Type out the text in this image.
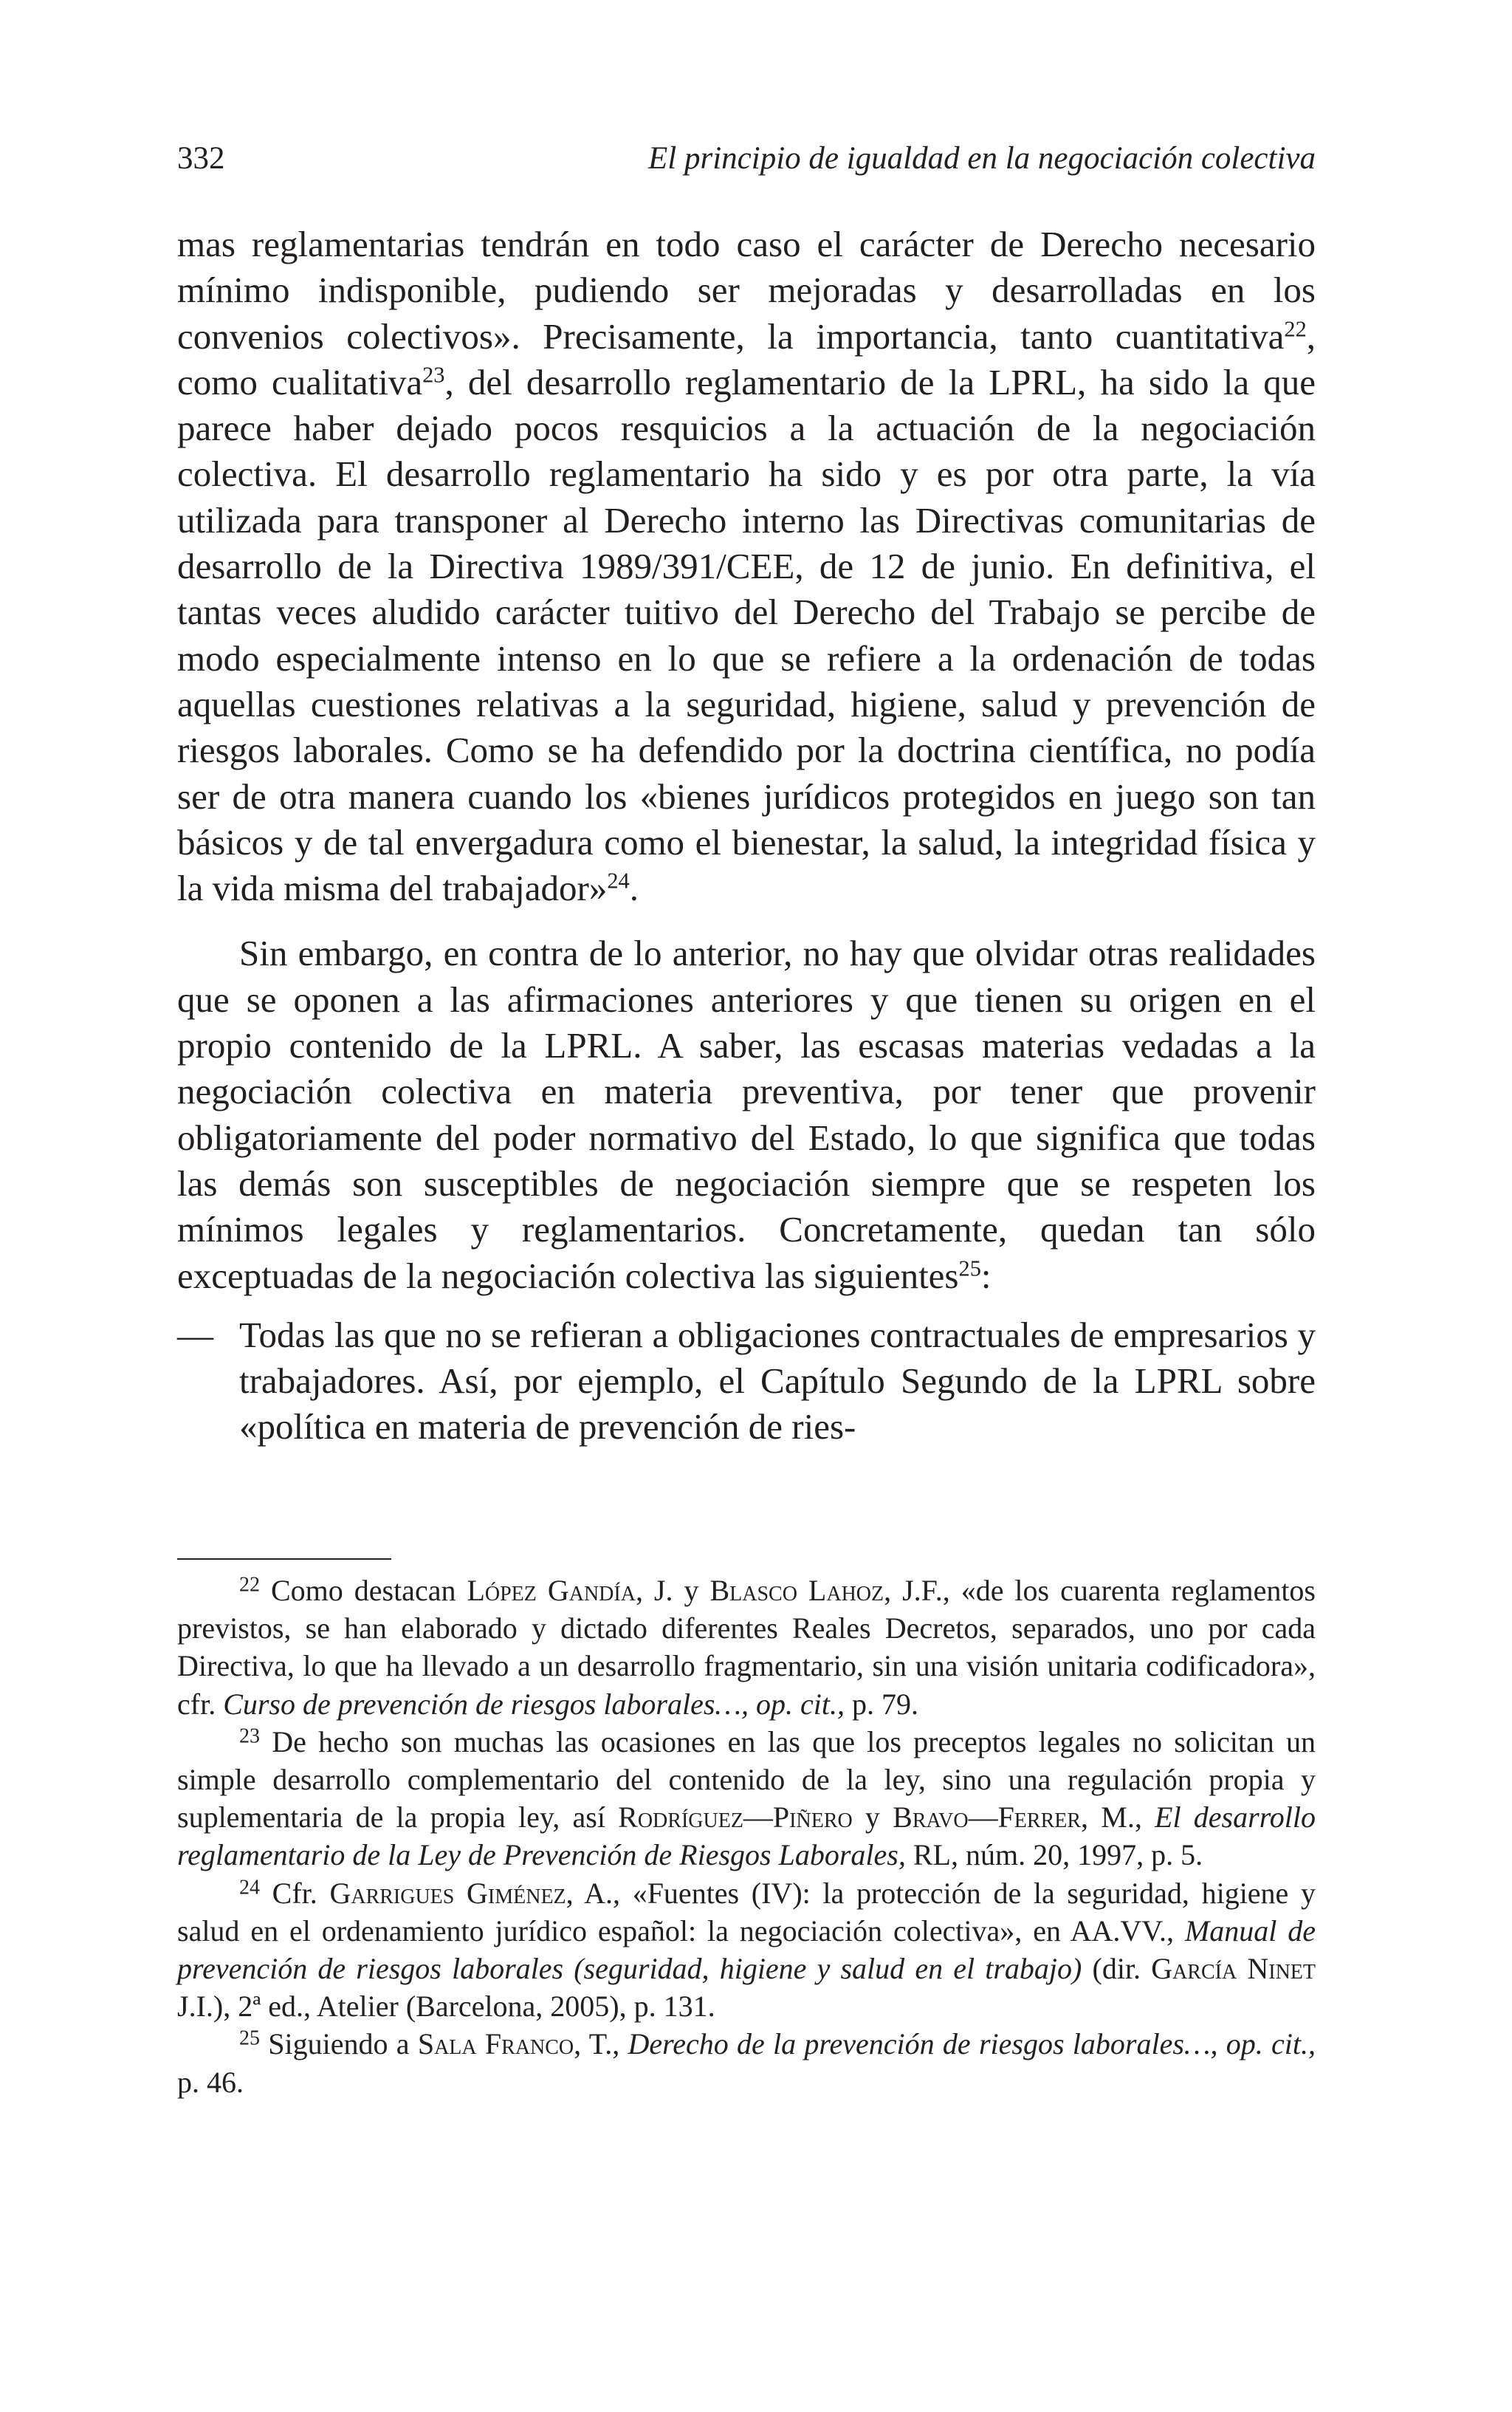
332	El principio de igualdad en la negociación colectiva

mas reglamentarias tendrán en todo caso el carácter de Derecho necesario mínimo indisponible, pudiendo ser mejoradas y desarrolladas en los convenios colectivos». Precisamente, la importancia, tanto cuantitativa$^{22}$, como cualitativa$^{23}$, del desarrollo reglamentario de la LPRL, ha sido la que parece haber dejado pocos resquicios a la actuación de la negociación colectiva. El desarrollo reglamentario ha sido y es por otra parte, la vía utilizada para transponer al Derecho interno las Directivas comunitarias de desarrollo de la Directiva 1989/391/CEE, de 12 de junio. En definitiva, el tantas veces aludido carácter tuitivo del Derecho del Trabajo se percibe de modo especialmente intenso en lo que se refiere a la ordenación de todas aquellas cuestiones relativas a la seguridad, higiene, salud y prevención de riesgos laborales. Como se ha defendido por la doctrina científica, no podía ser de otra manera cuando los «bienes jurídicos protegidos en juego son tan básicos y de tal envergadura como el bienestar, la salud, la integridad física y la vida misma del trabajador»$^{24}$.

Sin embargo, en contra de lo anterior, no hay que olvidar otras realidades que se oponen a las afirmaciones anteriores y que tienen su origen en el propio contenido de la LPRL. A saber, las escasas materias vedadas a la negociación colectiva en materia preventiva, por tener que provenir obligatoriamente del poder normativo del Estado, lo que significa que todas las demás son susceptibles de negociación siempre que se respeten los mínimos legales y reglamentarios. Concretamente, quedan tan sólo exceptuadas de la negociación colectiva las siguientes$^{25}$:

— Todas las que no se refieran a obligaciones contractuales de empresarios y trabajadores. Así, por ejemplo, el Capítulo Segundo de la LPRL sobre «política en materia de prevención de ries-

$^{22}$ Como destacan López Gandía, J. y Blasco Lahoz, J.F., «de los cuarenta reglamentos previstos, se han elaborado y dictado diferentes Reales Decretos, separados, uno por cada Directiva, lo que ha llevado a un desarrollo fragmentario, sin una visión unitaria codificadora», cfr. Curso de prevención de riesgos laborales…, op. cit., p. 79.

$^{23}$ De hecho son muchas las ocasiones en las que los preceptos legales no solicitan un simple desarrollo complementario del contenido de la ley, sino una regulación propia y suplementaria de la propia ley, así Rodríguez—Piñero y Bravo—Ferrer, M., El desarrollo reglamentario de la Ley de Prevención de Riesgos Laborales, RL, núm. 20, 1997, p. 5.

$^{24}$ Cfr. Garrigues Giménez, A., «Fuentes (IV): la protección de la seguridad, higiene y salud en el ordenamiento jurídico español: la negociación colectiva», en AA.VV., Manual de prevención de riesgos laborales (seguridad, higiene y salud en el trabajo) (dir. García Ninet J.I.), 2ª ed., Atelier (Barcelona, 2005), p. 131.

$^{25}$ Siguiendo a Sala Franco, T., Derecho de la prevención de riesgos laborales…, op. cit., p. 46.
